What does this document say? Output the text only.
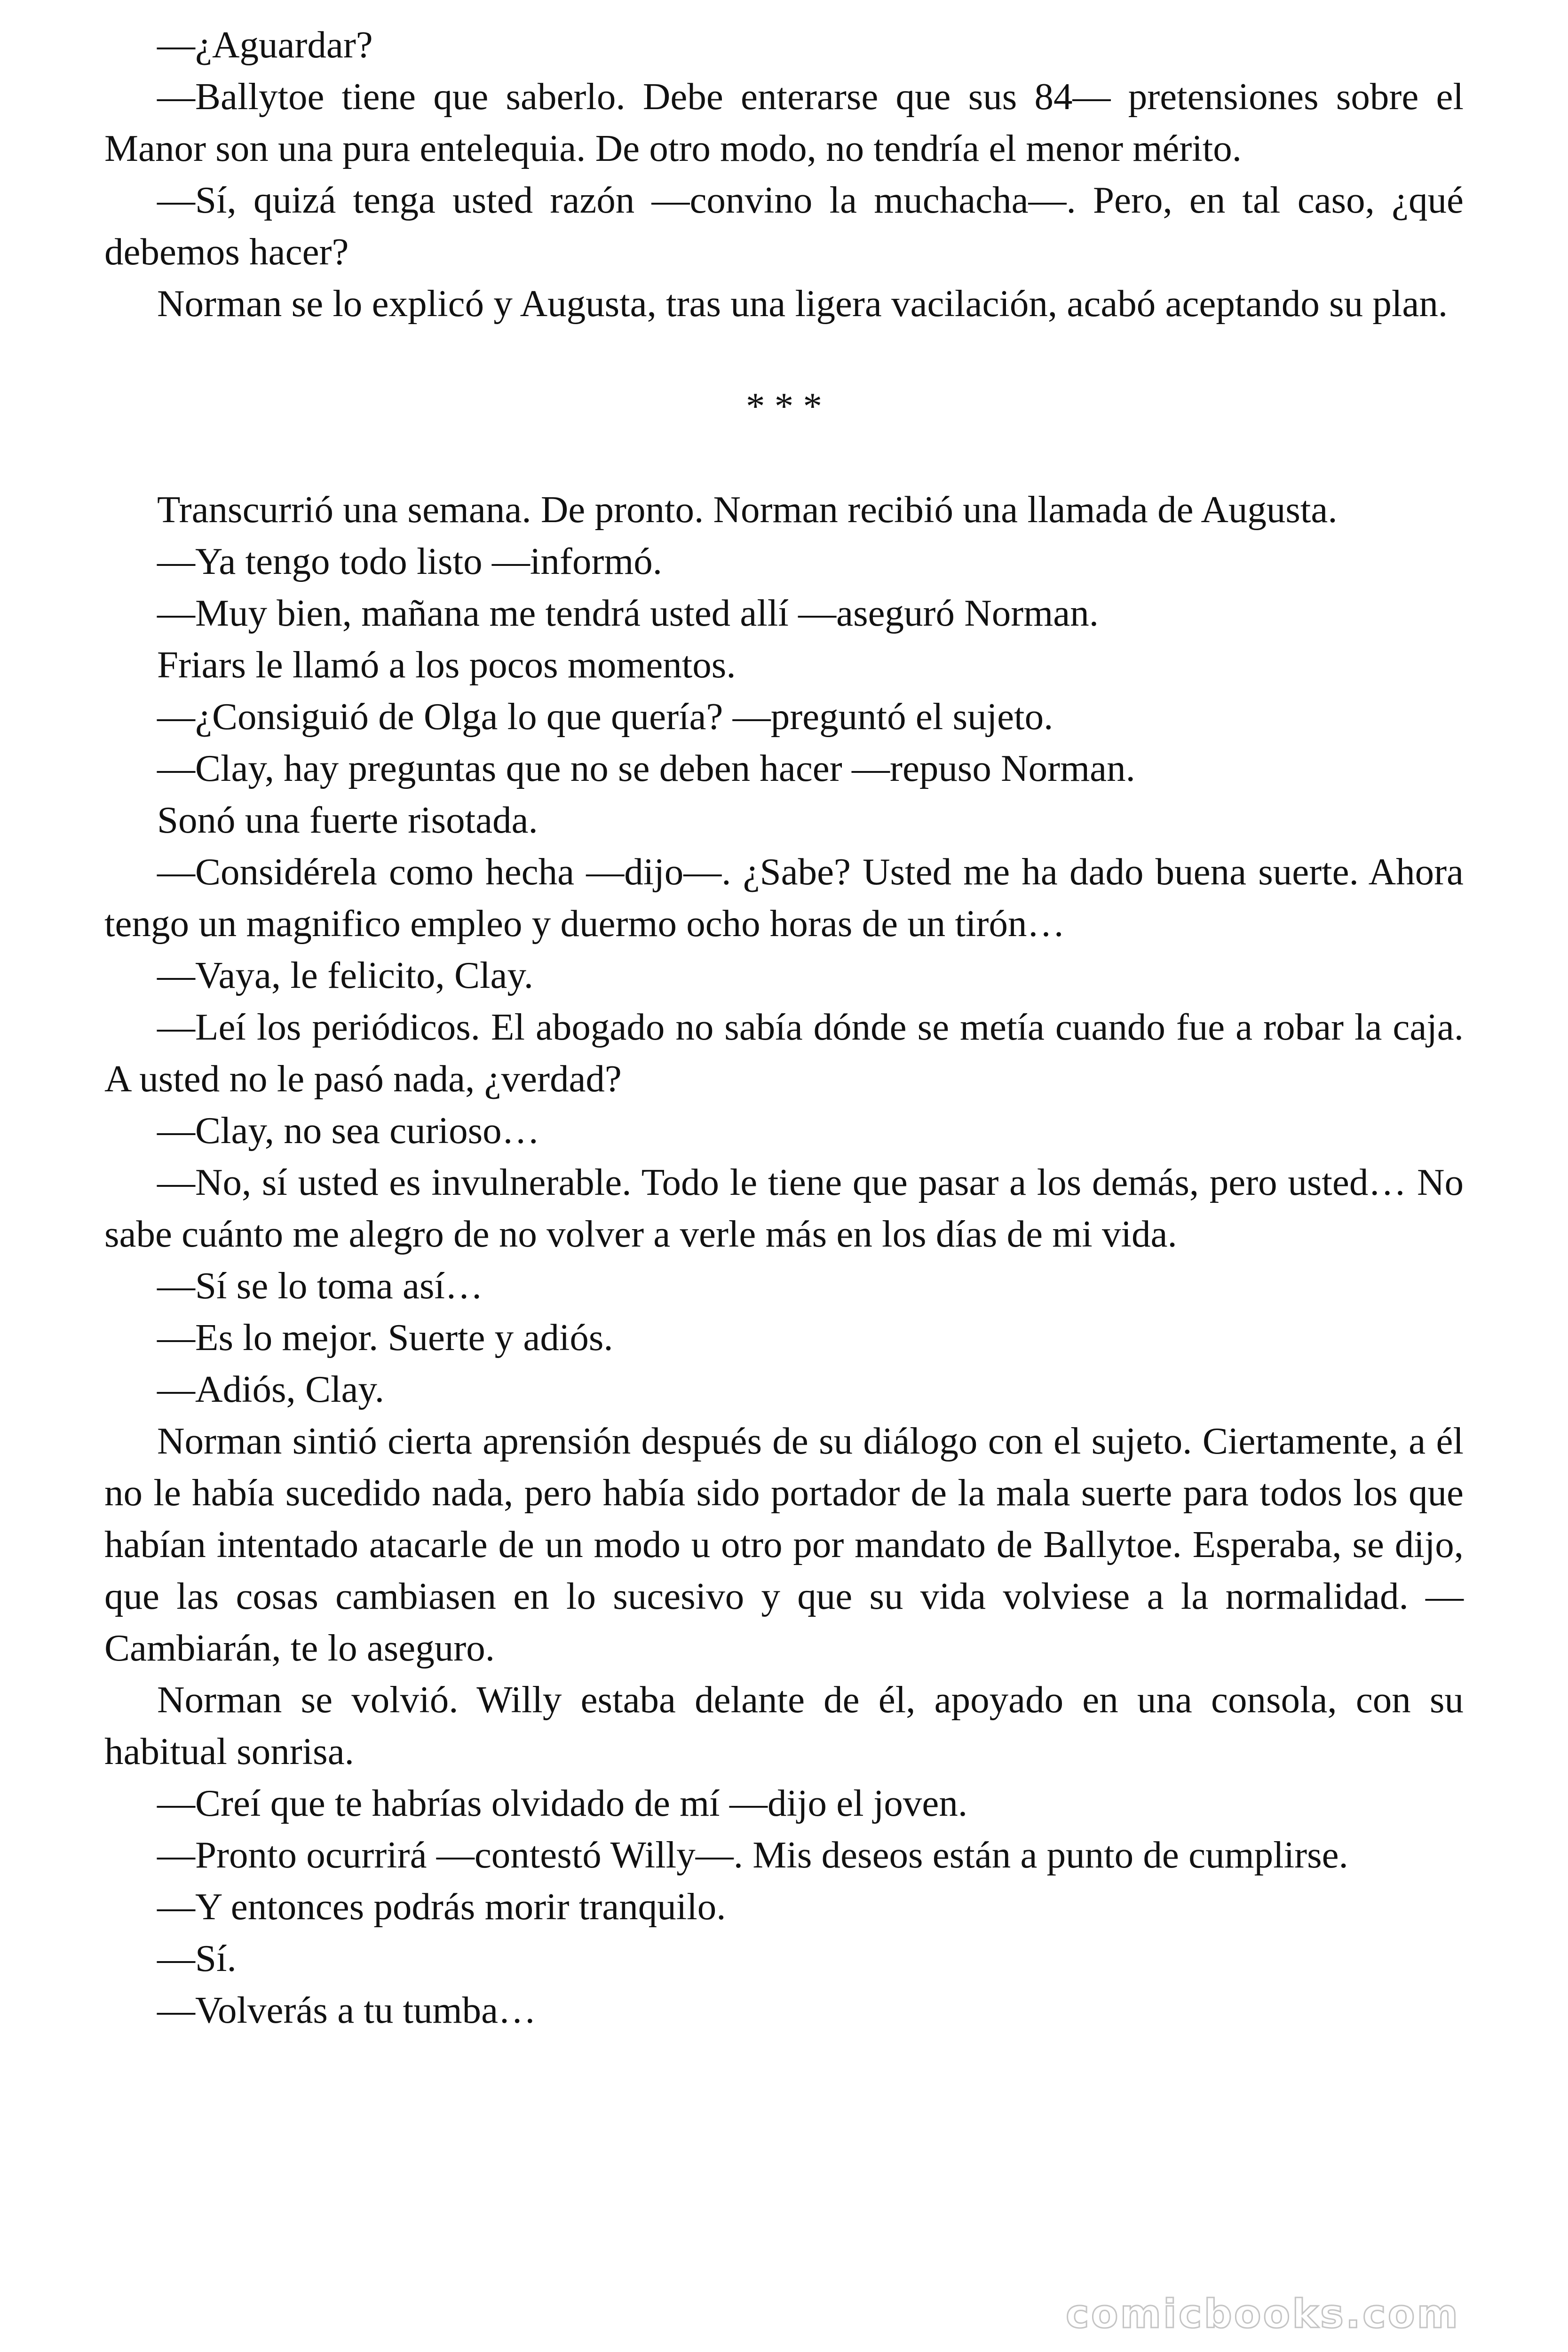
—¿Aguardar?

—Ballytoe tiene que saberlo. Debe enterarse que sus 84— pretensiones sobre el Manor son una pura entelequia. De otro modo, no tendría el menor mérito.

—Sí, quizá tenga usted razón —convino la muchacha—. Pero, en tal caso, ¿qué debemos hacer?

Norman se lo explicó y Augusta, tras una ligera vacilación, acabó aceptando su plan.

* * *

Transcurrió una semana. De pronto. Norman recibió una llamada de Augusta.

—Ya tengo todo listo —informó.

—Muy bien, mañana me tendrá usted allí —aseguró Norman.

Friars le llamó a los pocos momentos.

—¿Consiguió de Olga lo que quería? —preguntó el sujeto.

—Clay, hay preguntas que no se deben hacer —repuso Norman.

Sonó una fuerte risotada.

—Considérela como hecha —dijo—. ¿Sabe? Usted me ha dado buena suerte. Ahora tengo un magnifico empleo y duermo ocho horas de un tirón…

—Vaya, le felicito, Clay.

—Leí los periódicos. El abogado no sabía dónde se metía cuando fue a robar la caja. A usted no le pasó nada, ¿verdad?

—Clay, no sea curioso…

—No, sí usted es invulnerable. Todo le tiene que pasar a los demás, pero usted… No sabe cuánto me alegro de no volver a verle más en los días de mi vida.

—Sí se lo toma así…

—Es lo mejor. Suerte y adiós.

—Adiós, Clay.

Norman sintió cierta aprensión después de su diálogo con el sujeto. Ciertamente, a él no le había sucedido nada, pero había sido portador de la mala suerte para todos los que habían intentado atacarle de un modo u otro por mandato de Ballytoe. Esperaba, se dijo, que las cosas cambiasen en lo sucesivo y que su vida volviese a la normalidad. —Cambiarán, te lo aseguro.

Norman se volvió. Willy estaba delante de él, apoyado en una consola, con su habitual sonrisa.

—Creí que te habrías olvidado de mí —dijo el joven.

—Pronto ocurrirá —contestó Willy—. Mis deseos están a punto de cumplirse.

—Y entonces podrás morir tranquilo.

—Sí.

—Volverás a tu tumba…

comicbooks.com
